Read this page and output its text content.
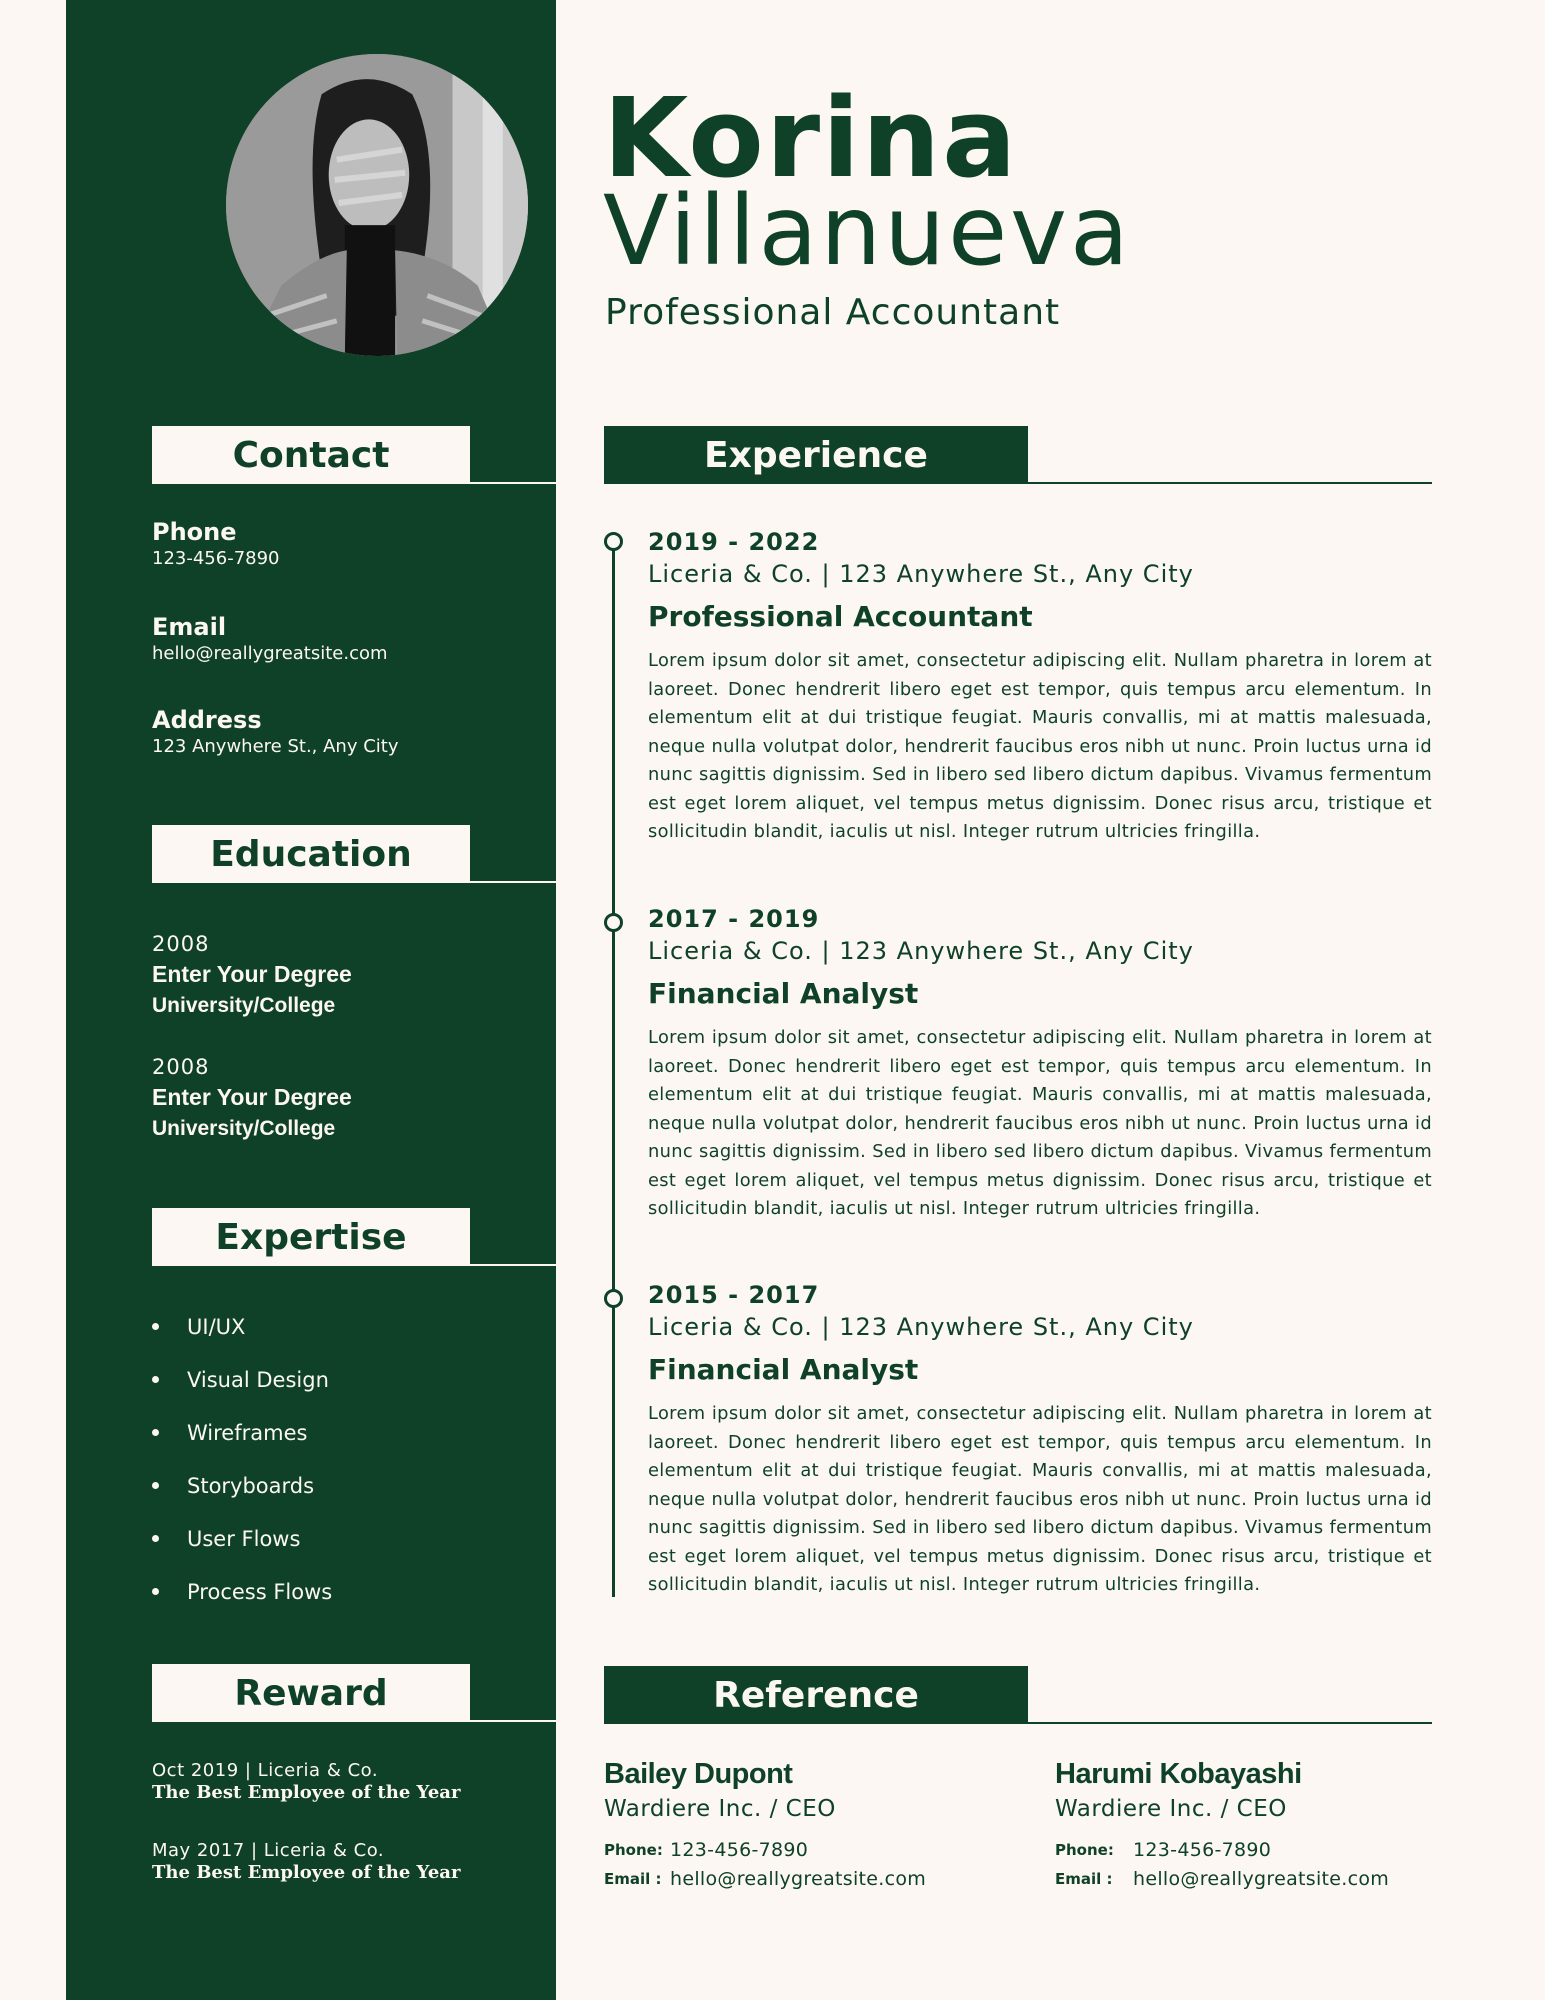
Contact
Phone
123-456-7890
Email
hello@reallygreatsite.com
Address
123 Anywhere St., Any City
Education
2008
Enter Your Degree
University/College
2008
Enter Your Degree
University/College
Expertise
UI/UX
Visual Design
Wireframes
Storyboards
User Flows
Process Flows
Reward
Oct 2019 | Liceria & Co.
The Best Employee of the Year
May 2017 | Liceria & Co.
The Best Employee of the Year
Korina
Villanueva
Professional Accountant
Experience
2019 - 2022
Liceria & Co. | 123 Anywhere St., Any City
Professional Accountant
Lorem ipsum dolor sit amet, consectetur adipiscing elit. Nullam pharetra in lorem at laoreet. Donec hendrerit libero eget est tempor, quis tempus arcu elementum. In elementum elit at dui tristique feugiat. Mauris convallis, mi at mattis malesuada, neque nulla volutpat dolor, hendrerit faucibus eros nibh ut nunc. Proin luctus urna id nunc sagittis dignissim. Sed in libero sed libero dictum dapibus. Vivamus fermentum est eget lorem aliquet, vel tempus metus dignissim. Donec risus arcu, tristique et sollicitudin blandit, iaculis ut nisl. Integer rutrum ultricies fringilla.
2017 - 2019
Liceria & Co. | 123 Anywhere St., Any City
Financial Analyst
Lorem ipsum dolor sit amet, consectetur adipiscing elit. Nullam pharetra in lorem at laoreet. Donec hendrerit libero eget est tempor, quis tempus arcu elementum. In elementum elit at dui tristique feugiat. Mauris convallis, mi at mattis malesuada, neque nulla volutpat dolor, hendrerit faucibus eros nibh ut nunc. Proin luctus urna id nunc sagittis dignissim. Sed in libero sed libero dictum dapibus. Vivamus fermentum est eget lorem aliquet, vel tempus metus dignissim. Donec risus arcu, tristique et sollicitudin blandit, iaculis ut nisl. Integer rutrum ultricies fringilla.
2015 - 2017
Liceria & Co. | 123 Anywhere St., Any City
Financial Analyst
Lorem ipsum dolor sit amet, consectetur adipiscing elit. Nullam pharetra in lorem at laoreet. Donec hendrerit libero eget est tempor, quis tempus arcu elementum. In elementum elit at dui tristique feugiat. Mauris convallis, mi at mattis malesuada, neque nulla volutpat dolor, hendrerit faucibus eros nibh ut nunc. Proin luctus urna id nunc sagittis dignissim. Sed in libero sed libero dictum dapibus. Vivamus fermentum est eget lorem aliquet, vel tempus metus dignissim. Donec risus arcu, tristique et sollicitudin blandit, iaculis ut nisl. Integer rutrum ultricies fringilla.
Reference
Bailey Dupont
Wardiere Inc. / CEO
Phone: 123-456-7890
Email : hello@reallygreatsite.com
Harumi Kobayashi
Wardiere Inc. / CEO
Phone:	123-456-7890
Email :	hello@reallygreatsite.com
